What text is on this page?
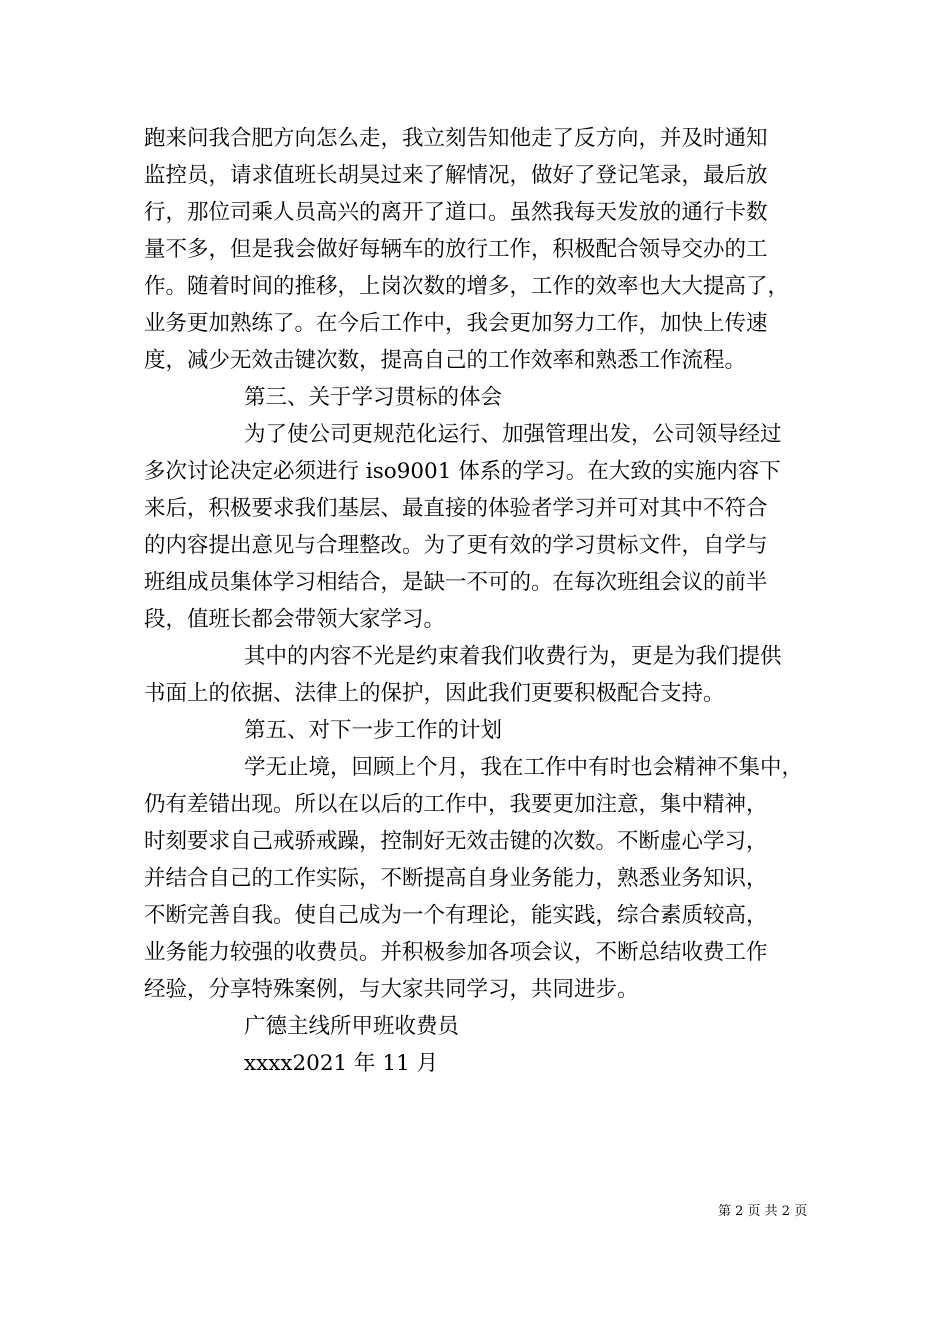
跑来问我合肥方向怎么走，我立刻告知他走了反方向，并及时通知
监控员，请求值班长胡昊过来了解情况，做好了登记笔录，最后放
行，那位司乘人员高兴的离开了道口。虽然我每天发放的通行卡数
量不多，但是我会做好每辆车的放行工作，积极配合领导交办的工
作。随着时间的推移，上岗次数的增多，工作的效率也大大提高了，
业务更加熟练了。在今后工作中，我会更加努力工作，加快上传速
度，减少无效击键次数，提高自己的工作效率和熟悉工作流程。
第三、关于学习贯标的体会
为了使公司更规范化运行、加强管理出发，公司领导经过
多次讨论决定必须进行 iso9001 体系的学习。在大致的实施内容下
来后，积极要求我们基层、最直接的体验者学习并可对其中不符合
的内容提出意见与合理整改。为了更有效的学习贯标文件，自学与
班组成员集体学习相结合，是缺一不可的。在每次班组会议的前半
段，值班长都会带领大家学习。
其中的内容不光是约束着我们收费行为，更是为我们提供
书面上的依据、法律上的保护，因此我们更要积极配合支持。
第五、对下一步工作的计划
学无止境，回顾上个月，我在工作中有时也会精神不集中，
仍有差错出现。所以在以后的工作中，我要更加注意，集中精神，
时刻要求自己戒骄戒躁，控制好无效击键的次数。不断虚心学习，
并结合自己的工作实际，不断提高自身业务能力，熟悉业务知识，
不断完善自我。使自己成为一个有理论，能实践，综合素质较高，
业务能力较强的收费员。并积极参加各项会议，不断总结收费工作
经验，分享特殊案例，与大家共同学习，共同进步。
广德主线所甲班收费员
xxxx2021 年 11 月
第 2 页 共 2 页
